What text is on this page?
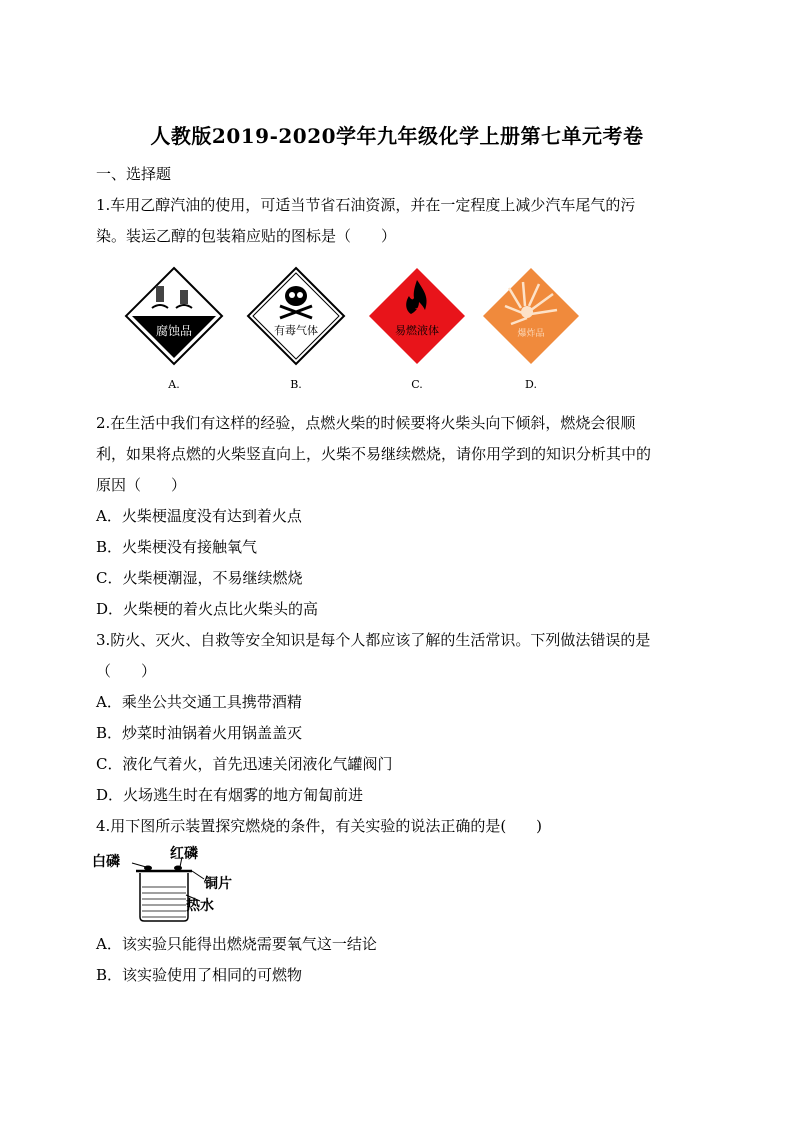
人教版2019-2020学年九年级化学上册第七单元考卷
一、选择题
1.车用乙醇汽油的使用，可适当节省石油资源，并在一定程度上减少汽车尾气的污
染。装运乙醇的包装箱应贴的图标是（　　）
腐蚀品
A.
有毒气体
B.
3
易燃液体
C.
爆炸品
D.
2.在生活中我们有这样的经验，点燃火柴的时候要将火柴头向下倾斜，燃烧会很顺
利，如果将点燃的火柴竖直向上，火柴不易继续燃烧，请你用学到的知识分析其中的
原因（　　）
A．火柴梗温度没有达到着火点
B．火柴梗没有接触氧气
C．火柴梗潮湿，不易继续燃烧
D．火柴梗的着火点比火柴头的高
3.防火、灭火、自救等安全知识是每个人都应该了解的生活常识。下列做法错误的是
（　　）
A．乘坐公共交通工具携带酒精
B．炒菜时油锅着火用锅盖盖灭
C．液化气着火，首先迅速关闭液化气罐阀门
D．火场逃生时在有烟雾的地方匍匐前进
4.用下图所示装置探究燃烧的条件，有关实验的说法正确的是(　　)
白磷	红磷
铜片
热水
A．该实验只能得出燃烧需要氧气这一结论
B．该实验使用了相同的可燃物
